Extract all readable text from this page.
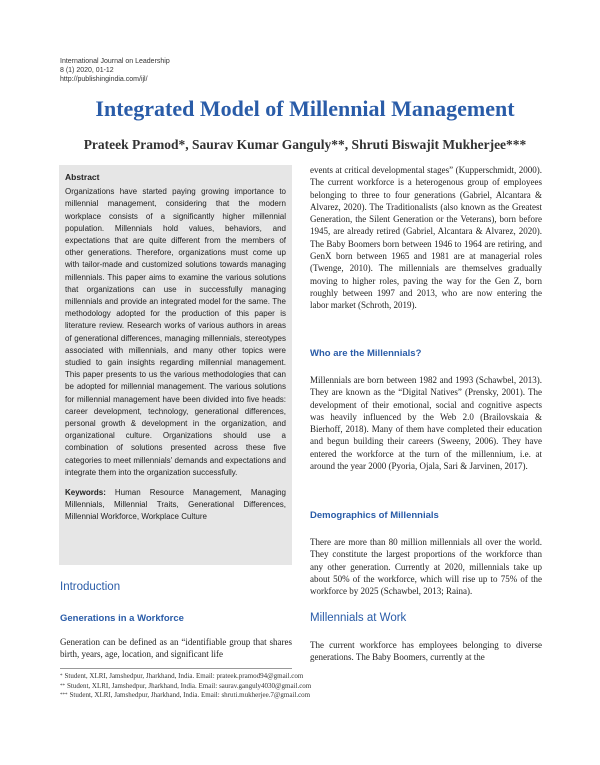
International Journal on Leadership
8 (1) 2020, 01-12
http://publishingindia.com/ijl/
Integrated Model of Millennial Management
Prateek Pramod*, Saurav Kumar Ganguly**, Shruti Biswajit Mukherjee***
Abstract

Organizations have started paying growing importance to millennial management, considering that the modern workplace consists of a significantly higher millennial population. Millennials hold values, behaviors, and expectations that are quite different from the members of other generations. Therefore, organizations must come up with tailor-made and customized solutions towards managing millennials. This paper aims to examine the various solutions that organizations can use in successfully managing millennials and provide an integrated model for the same. The methodology adopted for the production of this paper is literature review. Research works of various authors in areas of generational differences, managing millennials, stereotypes associated with millennials, and many other topics were studied to gain insights regarding millennial management. This paper presents to us the various methodologies that can be adopted for millennial management. The various solutions for millennial management have been divided into five heads: career development, technology, generational differences, personal growth & development in the organization, and organizational culture. Organizations should use a combination of solutions presented across these five categories to meet millennials' demands and expectations and integrate them into the organization successfully.

Keywords: Human Resource Management, Managing Millennials, Millennial Traits, Generational Differences, Millennial Workforce, Workplace Culture

Introduction
Generations in a Workforce

Generation can be defined as an “identifiable group that shares birth, years, age, location, and significant life

events at critical developmental stages” (Kupperschmidt, 2000). The current workforce is a heterogenous group of employees belonging to three to four generations (Gabriel, Alcantara & Alvarez, 2020). The Traditionalists (also known as the Greatest Generation, the Silent Generation or the Veterans), born before 1945, are already retired (Gabriel, Alcantara & Alvarez, 2020). The Baby Boomers born between 1946 to 1964 are retiring, and GenX born between 1965 and 1981 are at managerial roles (Twenge, 2010). The millennials are themselves gradually moving to higher roles, paving the way for the Gen Z, born roughly between 1997 and 2013, who are now entering the labor market (Schroth, 2019).

Who are the Millennials?

Millennials are born between 1982 and 1993 (Schawbel, 2013). They are known as the “Digital Natives” (Prensky, 2001). The development of their emotional, social and cognitive aspects was heavily influenced by the Web 2.0 (Brailovskaia & Bierhoff, 2018). Many of them have completed their education and begun building their careers (Sweeny, 2006). They have entered the workforce at the turn of the millennium, i.e. at around the year 2000 (Pyoria, Ojala, Sari & Jarvinen, 2017).

Demographics of Millennials

There are more than 80 million millennials all over the world. They constitute the largest proportions of the workforce than any other generation. Currently at 2020, millennials take up about 50% of the workforce, which will rise up to 75% of the workforce by 2025 (Schawbel, 2013; Raina).

Millennials at Work

The current workforce has employees belonging to diverse generations. The Baby Boomers, currently at the

* Student, XLRI, Jamshedpur, Jharkhand, India. Email: prateek.pramod94@gmail.com
** Student, XLRI, Jamshedpur, Jharkhand, India. Email: saurav.ganguly4030@gmail.com
*** Student, XLRI, Jamshedpur, Jharkhand, India. Email: shruti.mukherjee.7@gmail.com
